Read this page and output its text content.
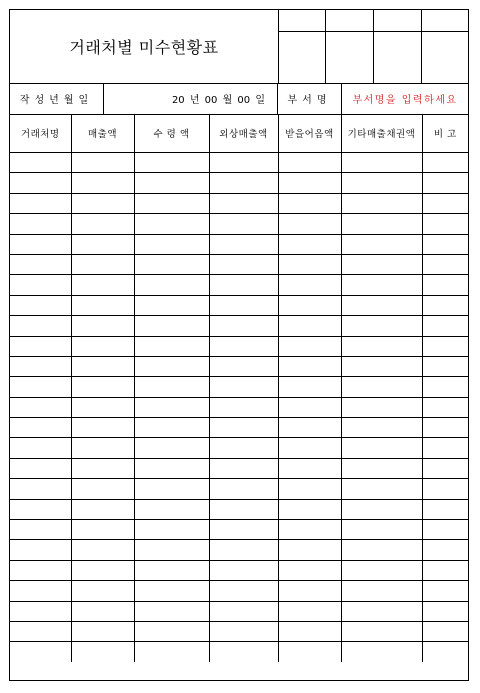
거래처별 미수현황표
작성년월일	20 년 00 월 00 일	부서명	부서명을 입력하세요
거래처명	매출액	수 령 액	외상매출액	받을어음액	기타매출채권액	비 고
